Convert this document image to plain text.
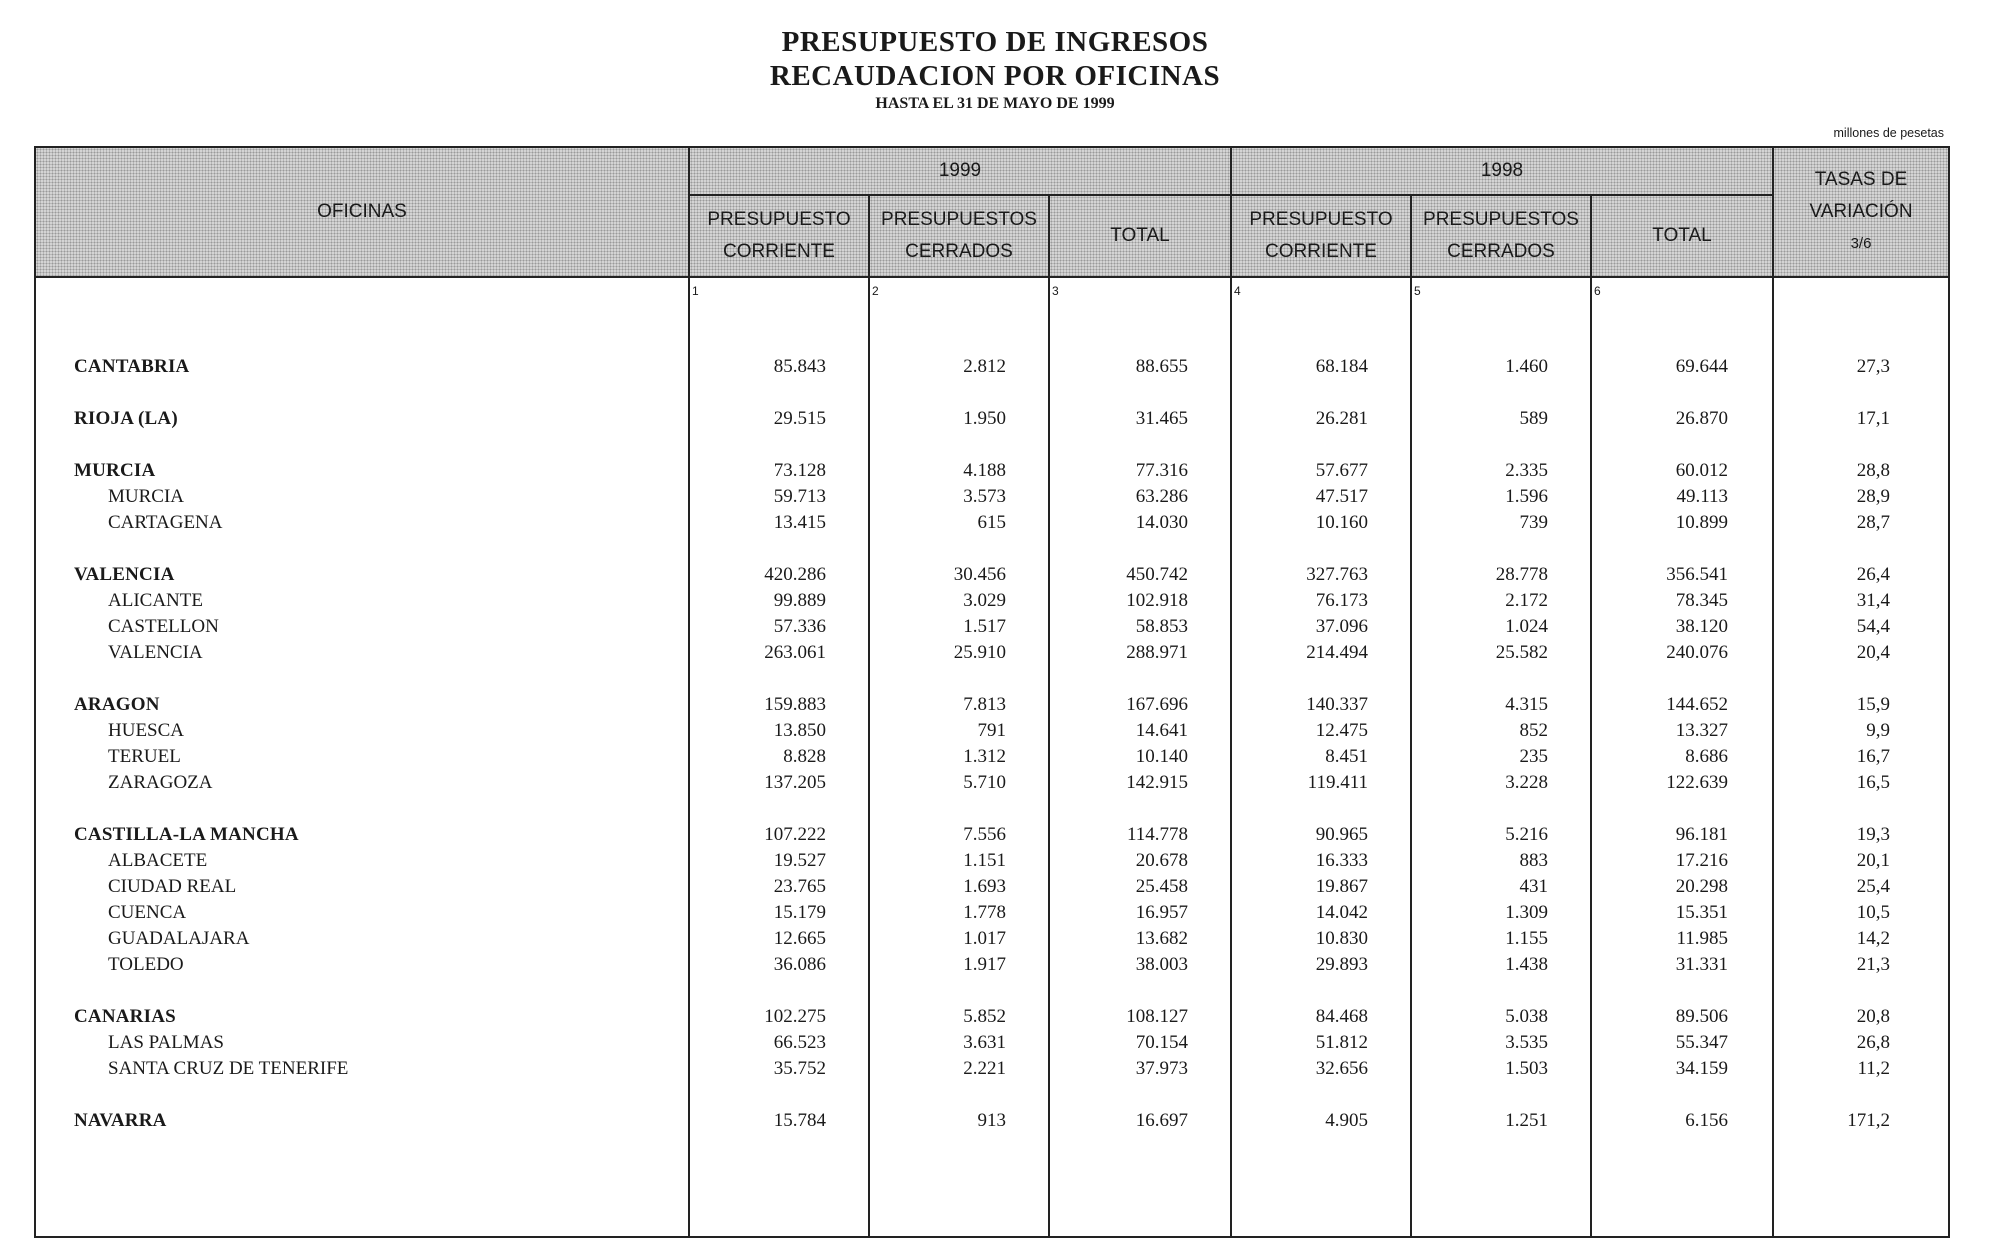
PRESUPUESTO DE INGRESOS
RECAUDACION POR OFICINAS
HASTA EL 31 DE MAYO DE 1999
millones de pesetas
OFICINAS
1999	1998	TASAS DE
VARIACIÓN
3/6
PRESUPUESTO
CORRIENTE
PRESUPUESTOS
CERRADOS
TOTAL
PRESUPUESTO
CORRIENTE
PRESUPUESTOS
CERRADOS
TOTAL
1	2	3	4	5	6
CANTABRIA	85.843	2.812	88.655	68.184	1.460	69.644	27,3
RIOJA (LA)	29.515	1.950	31.465	26.281	589	26.870	17,1
MURCIA	73.128	4.188	77.316	57.677	2.335	60.012	28,8
MURCIA	59.713	3.573	63.286	47.517	1.596	49.113	28,9
CARTAGENA	13.415	615	14.030	10.160	739	10.899	28,7
VALENCIA	420.286	30.456	450.742	327.763	28.778	356.541	26,4
ALICANTE	99.889	3.029	102.918	76.173	2.172	78.345	31,4
CASTELLON	57.336	1.517	58.853	37.096	1.024	38.120	54,4
VALENCIA	263.061	25.910	288.971	214.494	25.582	240.076	20,4
ARAGON	159.883	7.813	167.696	140.337	4.315	144.652	15,9
HUESCA	13.850	791	14.641	12.475	852	13.327	9,9
TERUEL	8.828	1.312	10.140	8.451	235	8.686	16,7
ZARAGOZA	137.205	5.710	142.915	119.411	3.228	122.639	16,5
CASTILLA-LA MANCHA	107.222	7.556	114.778	90.965	5.216	96.181	19,3
ALBACETE	19.527	1.151	20.678	16.333	883	17.216	20,1
CIUDAD REAL	23.765	1.693	25.458	19.867	431	20.298	25,4
CUENCA	15.179	1.778	16.957	14.042	1.309	15.351	10,5
GUADALAJARA	12.665	1.017	13.682	10.830	1.155	11.985	14,2
TOLEDO	36.086	1.917	38.003	29.893	1.438	31.331	21,3
CANARIAS	102.275	5.852	108.127	84.468	5.038	89.506	20,8
LAS PALMAS	66.523	3.631	70.154	51.812	3.535	55.347	26,8
SANTA CRUZ DE TENERIFE	35.752	2.221	37.973	32.656	1.503	34.159	11,2
NAVARRA	15.784	913	16.697	4.905	1.251	6.156	171,2
